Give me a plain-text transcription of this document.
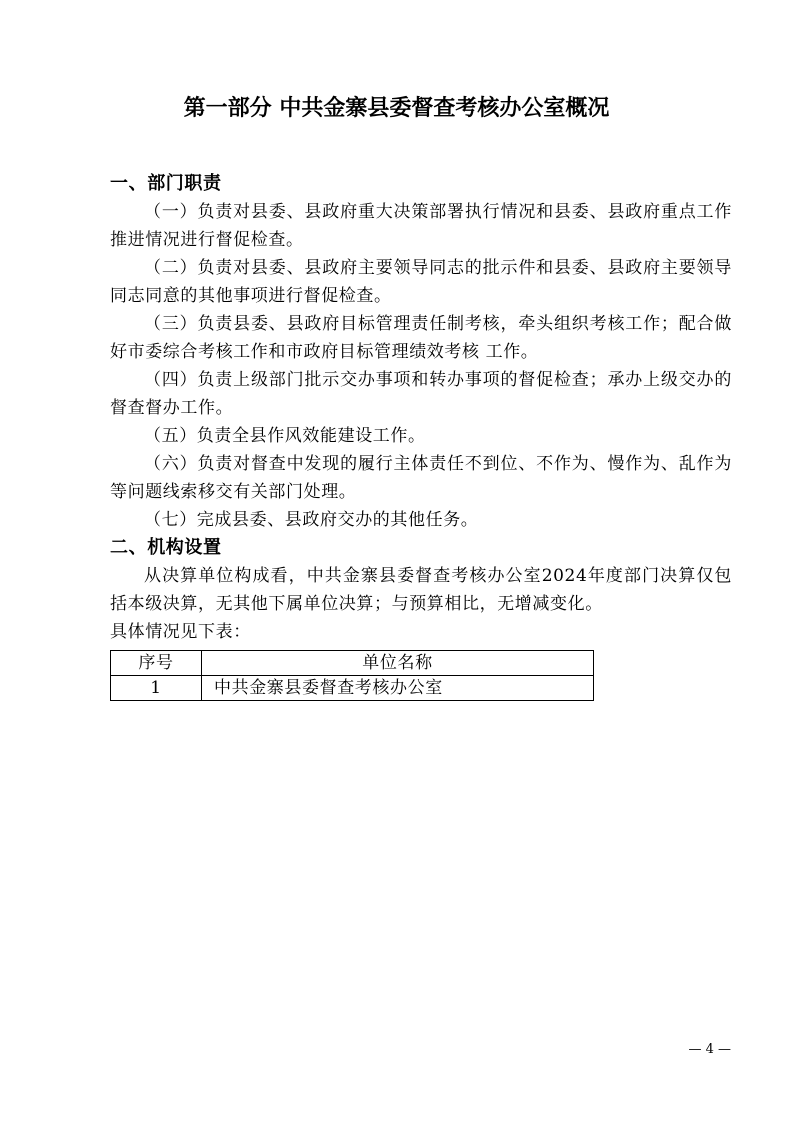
第一部分 中共金寨县委督查考核办公室概况
一、部门职责

（一）负责对县委、县政府重大决策部署执行情况和县委、县政府重点工作推进情况进行督促检查。

（二）负责对县委、县政府主要领导同志的批示件和县委、县政府主要领导同志同意的其他事项进行督促检查。

（三）负责县委、县政府目标管理责任制考核，牵头组织考核工作；配合做好市委综合考核工作和市政府目标管理绩效考核 工作。

（四）负责上级部门批示交办事项和转办事项的督促检查；承办上级交办的督查督办工作。

（五）负责全县作风效能建设工作。

（六）负责对督查中发现的履行主体责任不到位、不作为、慢作为、乱作为等问题线索移交有关部门处理。

（七）完成县委、县政府交办的其他任务。

二、机构设置

从决算单位构成看，中共金寨县委督查考核办公室2024年度部门决算仅包括本级决算，无其他下属单位决算；与预算相比，无增减变化。

具体情况见下表：

序号	单位名称
1	中共金寨县委督查考核办公室
— 4 —
